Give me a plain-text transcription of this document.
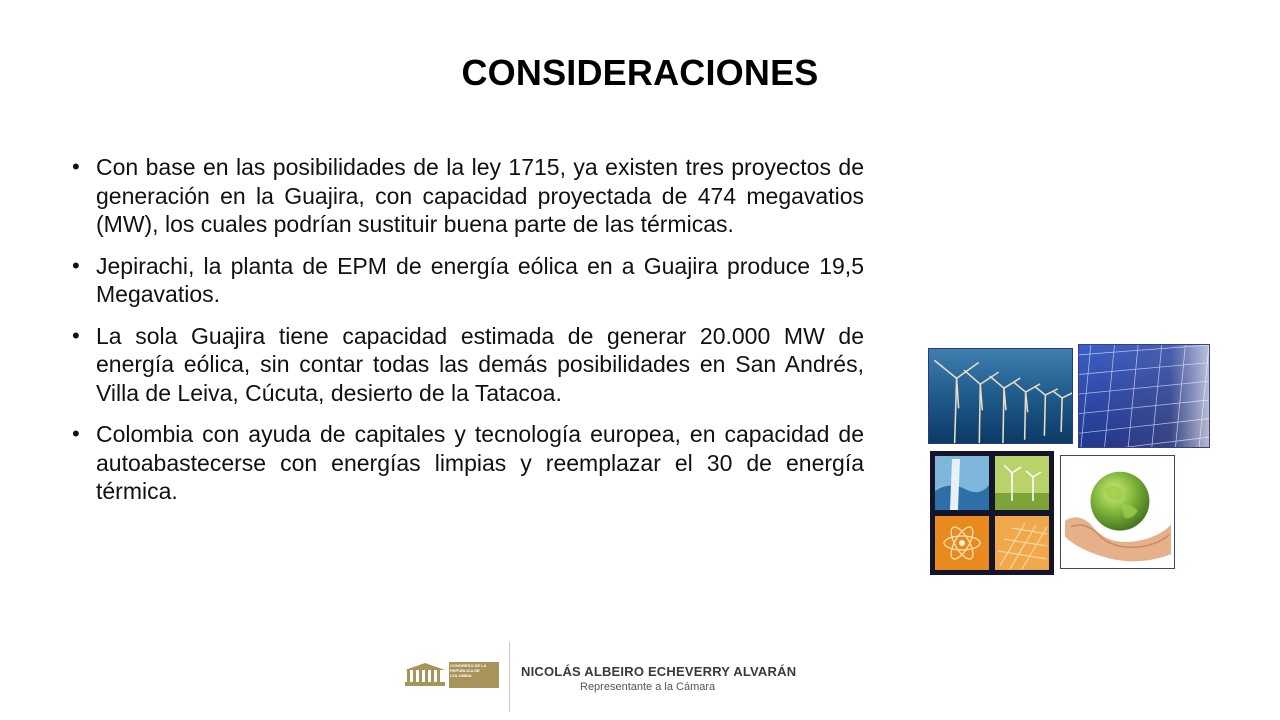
CONSIDERACIONES
• Con base en las posibilidades de la ley 1715, ya existen tres proyectos de generación en la Guajira, con capacidad proyectada de 474 megavatios (MW), los cuales podrían sustituir buena parte de las térmicas.
• Jepirachi, la planta de EPM de energía eólica en a Guajira produce 19,5 Megavatios.
• La sola Guajira tiene capacidad estimada de generar 20.000 MW de energía eólica, sin contar todas las demás posibilidades en San Andrés, Villa de Leiva, Cúcuta, desierto de la Tatacoa.
• Colombia con ayuda de capitales y tecnología europea, en capacidad de autoabastecerse con energías limpias y reemplazar el 30 de energía térmica.
CONGRESO DE LA REPÚBLICA DE COLOMBIA	NICOLÁS ALBEIRO ECHEVERRY ALVARÁN
Representante a la Cámara
